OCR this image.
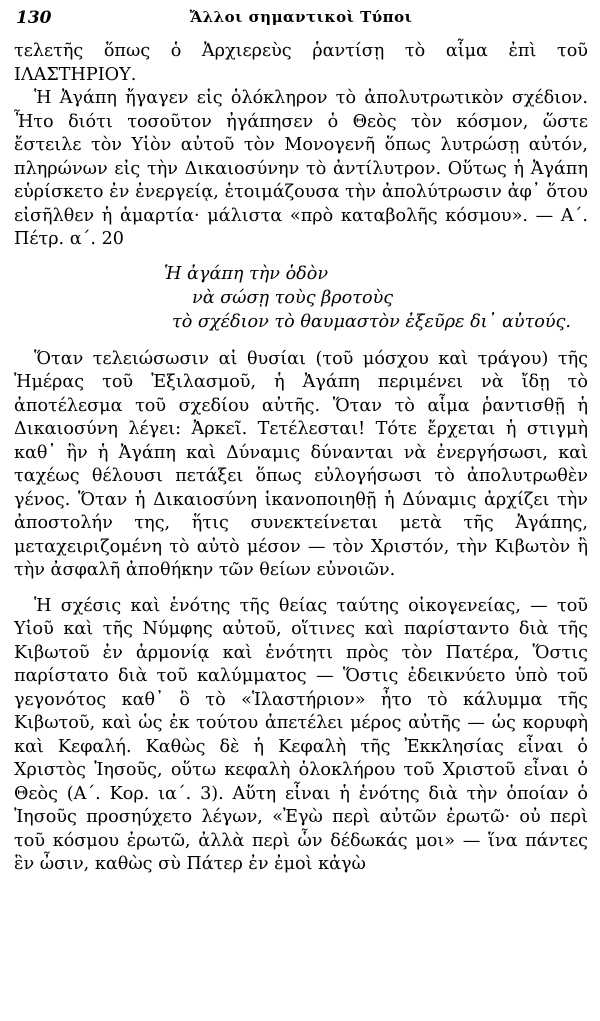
130	Ἄλλοι σημαντικοὶ Τύποι

τελετῆς ὅπως ὁ Ἀρχιερεὺς ῥαντίσῃ τὸ αἷμα ἐπὶ τοῦ ΙΛΑΣΤΗΡΙΟΥ.

Ἡ Ἀγάπη ἤγαγεν εἰς ὁλόκληρον τὸ ἀπολυτρωτικὸν σχέδιον. Ἦτο διότι τοσοῦτον ἠγάπησεν ὁ Θεὸς τὸν κόσμον, ὥστε ἔστειλε τὸν Υἱὸν αὐτοῦ τὸν Μονογενῆ ὅπως λυτρώσῃ αὐτόν, πληρώνων εἰς τὴν Δικαιοσύνην τὸ ἀντίλυτρον. Οὕτως ἡ Ἀγάπη εὑρίσκετο ἐν ἐνεργείᾳ, ἑτοιμάζουσα τὴν ἀπολύτρωσιν ἀφ᾽ ὅτου εἰσῆλθεν ἡ ἁμαρτία· μάλιστα «πρὸ καταβολῆς κόσμου». — Α΄. Πέτρ. α΄. 20

Ἡ ἀγάπη τὴν ὁδὸν
νὰ σώσῃ τοὺς βροτοὺς
τὸ σχέδιον τὸ θαυμαστὸν ἐξεῦρε δι᾽ αὐτούς.

Ὅταν τελειώσωσιν αἱ θυσίαι (τοῦ μόσχου καὶ τράγου) τῆς Ἡμέρας τοῦ Ἐξιλασμοῦ, ἡ Ἀγάπη περιμένει νὰ ἴδῃ τὸ ἀποτέλεσμα τοῦ σχεδίου αὐτῆς. Ὅταν τὸ αἷμα ῥαντισθῇ ἡ Δικαιοσύνη λέγει: Ἀρκεῖ. Τετέλεσται! Τότε ἔρχεται ἡ στιγμὴ καθ᾽ ἣν ἡ Ἀγάπη καὶ Δύναμις δύνανται νὰ ἐνεργήσωσι, καὶ ταχέως θέλουσι πετάξει ὅπως εὐλογήσωσι τὸ ἀπολυτρωθὲν γένος. Ὅταν ἡ Δικαιοσύνη ἱκανοποιηθῇ ἡ Δύναμις ἀρχίζει τὴν ἀποστολήν της, ἥτις συνεκτείνεται μετὰ τῆς Ἀγάπης, μεταχειριζομένη τὸ αὐτὸ μέσον — τὸν Χριστόν, τὴν Κιβωτὸν ἢ τὴν ἀσφαλῆ ἀποθήκην τῶν θείων εὐνοιῶν.

Ἡ σχέσις καὶ ἑνότης τῆς θείας ταύτης οἰκογενείας, — τοῦ Υἱοῦ καὶ τῆς Νύμφης αὐτοῦ, οἵτινες καὶ παρίσταντο διὰ τῆς Κιβωτοῦ ἐν ἁρμονίᾳ καὶ ἑνότητι πρὸς τὸν Πατέρα, Ὅστις παρίστατο διὰ τοῦ καλύμματος — Ὅστις ἐδεικνύετο ὑπὸ τοῦ γεγονότος καθ᾽ ὃ τὸ «Ἱλαστήριον» ἦτο τὸ κάλυμμα τῆς Κιβωτοῦ, καὶ ὡς ἐκ τούτου ἀπετέλει μέρος αὐτῆς — ὡς κορυφὴ καὶ Κεφαλή. Καθὼς δὲ ἡ Κεφαλὴ τῆς Ἐκκλησίας εἶναι ὁ Χριστὸς Ἰησοῦς, οὕτω κεφαλὴ ὁλοκλήρου τοῦ Χριστοῦ εἶναι ὁ Θεὸς (Α΄. Κορ. ια΄. 3). Αὕτη εἶναι ἡ ἑνότης διὰ τὴν ὁποίαν ὁ Ἰησοῦς προσηύχετο λέγων, «Ἐγὼ περὶ αὐτῶν ἐρωτῶ· οὐ περὶ τοῦ κόσμου ἐρωτῶ, ἀλλὰ περὶ ὧν δέδωκάς μοι» — ἵνα πάντες ἓν ὦσιν, καθὼς σὺ Πάτερ ἐν ἐμοὶ κἀγὼ
